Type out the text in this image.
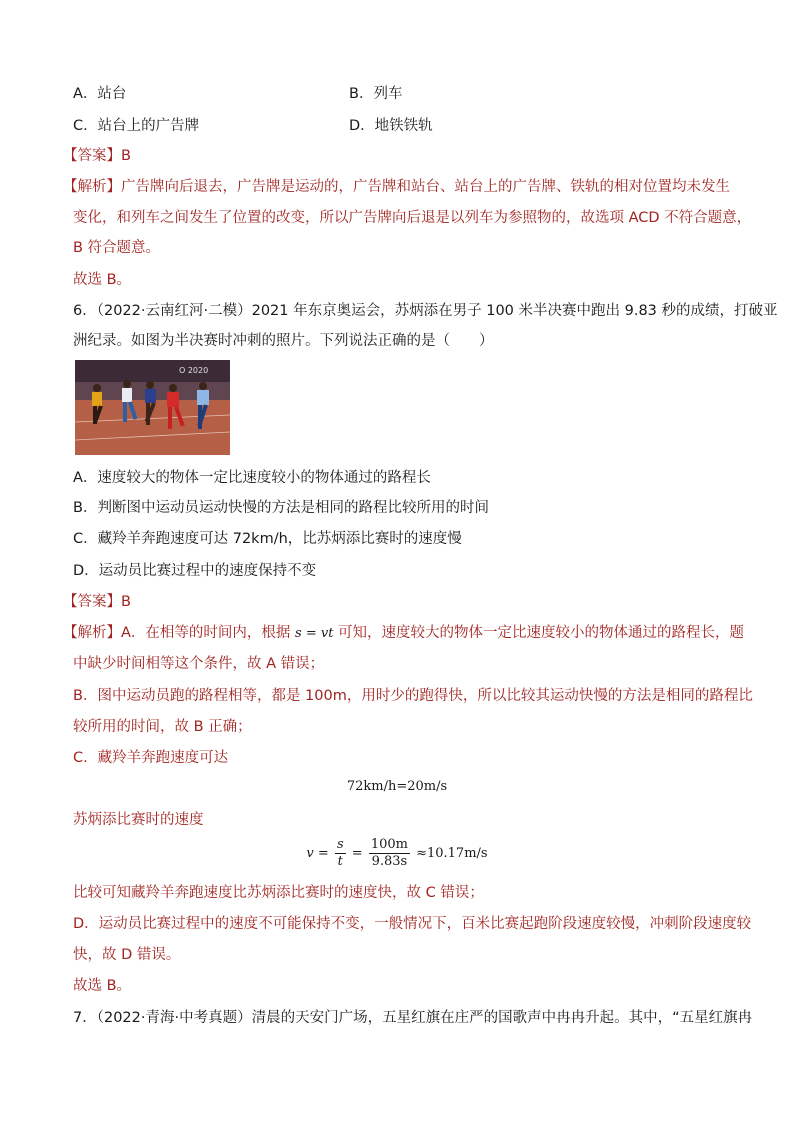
A．站台	B．列车
C．站台上的广告牌	D．地铁铁轨
【答案】B
【解析】广告牌向后退去，广告牌是运动的，广告牌和站台、站台上的广告牌、铁轨的相对位置均未发生
变化，和列车之间发生了位置的改变，所以广告牌向后退是以列车为参照物的，故选项 ACD 不符合题意，
B 符合题意。
故选 B。
6．（2022·云南红河·二模）2021 年东京奥运会，苏炳添在男子 100 米半决赛中跑出 9.83 秒的成绩，打破亚
洲纪录。如图为半决赛时冲刺的照片。下列说法正确的是（　　）
O 2020
A．速度较大的物体一定比速度较小的物体通过的路程长
B．判断图中运动员运动快慢的方法是相同的路程比较所用的时间
C．藏羚羊奔跑速度可达 72km/h，比苏炳添比赛时的速度慢
D．运动员比赛过程中的速度保持不变
【答案】B
【解析】A．在相等的时间内，根据 s = vt 可知，速度较大的物体一定比速度较小的物体通过的路程长，题
中缺少时间相等这个条件，故 A 错误；
B．图中运动员跑的路程相等，都是 100m，用时少的跑得快，所以比较其运动快慢的方法是相同的路程比
较所用的时间，故 B 正确；
C．藏羚羊奔跑速度可达
72km/h=20m/s
苏炳添比赛时的速度
$v = \frac{s}{t} = \frac{100m}{9.83s} \approx 10.17m/s$
比较可知藏羚羊奔跑速度比苏炳添比赛时的速度快，故 C 错误；
D．运动员比赛过程中的速度不可能保持不变，一般情况下，百米比赛起跑阶段速度较慢，冲刺阶段速度较
快，故 D 错误。
故选 B。
7．（2022·青海·中考真题）清晨的天安门广场，五星红旗在庄严的国歌声中冉冉升起。其中，“五星红旗冉
